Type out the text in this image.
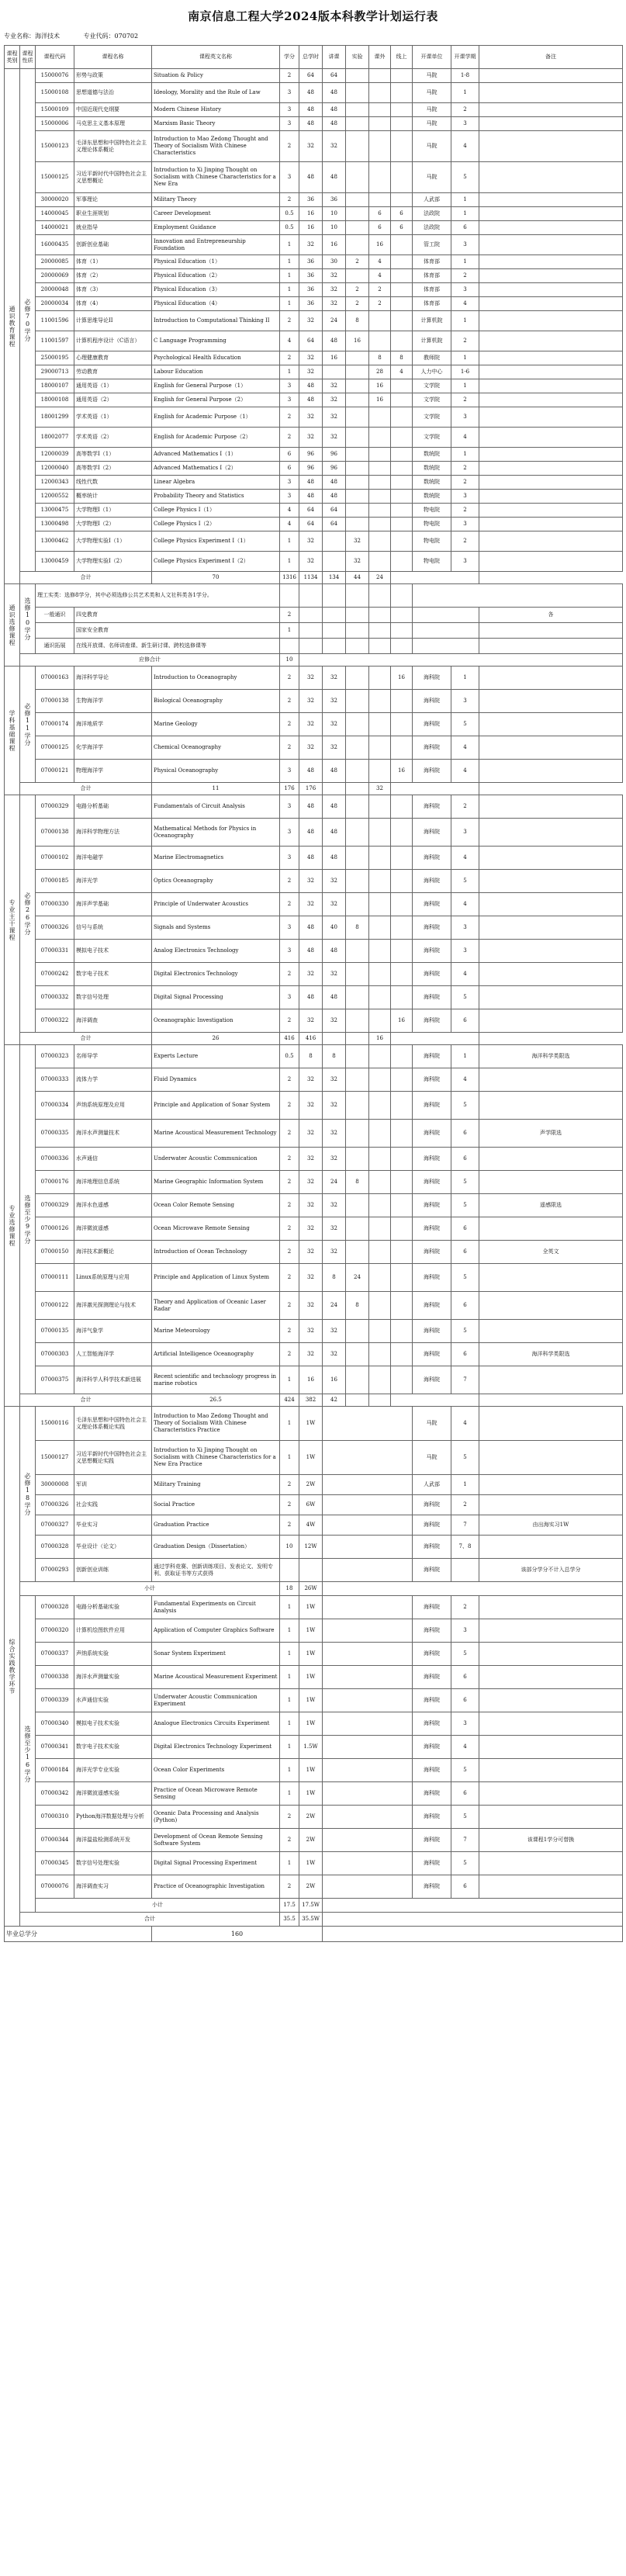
南京信息工程大学2024版本科教学计划运行表
专业名称：海洋技术	专业代码：070702
课程类别	课程性质	课程代码	课程名称	课程英文名称	学分	总学时	讲课	实验	课外	线上	开课单位	开课学期	备注
通识教育课程	必修70学分	15000076	形势与政策	Situation & Policy	2	64	64				马院	1-8	
		15000108	思想道德与法治	Ideology, Morality and the Rule of Law	3	48	48				马院	1	
		15000109	中国近现代史纲要	Modern Chinese History	3	48	48				马院	2	
		15000006	马克思主义基本原理	Marxism Basic Theory	3	48	48				马院	3	
		15000123	毛泽东思想和中国特色社会主义理论体系概论	Introduction to Mao Zedong Thought and Theory of Socialism With Chinese Characteristics	2	32	32				马院	4	
		15000125	习近平新时代中国特色社会主义思想概论	Introduction to Xi Jinping Thought on Socialism with Chinese Characteristics for a New Era	3	48	48				马院	5	
		30000020	军事理论	Military Theory	2	36	36				人武部	1	
		14000045	职业生涯规划	Career Development	0.5	16	10		6	6	法政院	1	
		14000021	就业指导	Employment Guidance	0.5	16	10		6	6	法政院	6	
		16000435	创新创业基础	Innovation and Entrepreneurship Foundation	1	32	16		16		管工院	3	
		20000085	体育（1）	Physical Education（1）	1	36	30	2	4		体育部	1	
		20000069	体育（2）	Physical Education（2）	1	36	32		4		体育部	2	
		20000048	体育（3）	Physical Education（3）	1	36	32	2	2		体育部	3	
		20000034	体育（4）	Physical Education（4）	1	36	32	2	2		体育部	4	
		11001596	计算思维导论II	Introduction to Computational Thinking II	2	32	24	8			计算机院	1	
		11001597	计算机程序设计（C语言）	C Language Programming	4	64	48	16			计算机院	2	
		25000195	心理健康教育	Psychological Health Education	2	32	16		8	8	教师院	1	
		29000713	劳动教育	Labour Education	1	32			28	4	人力中心	1-6	
		18000107	通用英语（1）	English for General Purpose（1）	3	48	32		16		文学院	1	
		18000108	通用英语（2）	English for General Purpose（2）	3	48	32		16		文学院	2	
		18001299	学术英语（1）	English for Academic Purpose（1）	2	32	32				文学院	3	
		18002077	学术英语（2）	English for Academic Purpose（2）	2	32	32				文学院	4	
		12000039	高等数学Ⅰ（1）	Advanced Mathematics Ⅰ（1）	6	96	96				数统院	1	
		12000040	高等数学Ⅰ（2）	Advanced Mathematics Ⅰ（2）	6	96	96				数统院	2	
		12000343	线性代数	Linear Algebra	3	48	48				数统院	2	
		12000552	概率统计	Probability Theory and Statistics	3	48	48				数统院	3	
		13000475	大学物理Ⅰ（1）	College Physics Ⅰ（1）	4	64	64				物电院	2	
		13000498	大学物理Ⅰ（2）	College Physics Ⅰ（2）	4	64	64				物电院	3	
		13000462	大学物理实验Ⅰ（1）	College Physics Experiment Ⅰ（1）	1	32		32			物电院	2	
		13000459	大学物理实验Ⅰ（2）	College Physics Experiment Ⅰ（2）	1	32		32			物电院	3	
	合计			70	1316	1134	134	44	24				
通识选修课程	选修10学分	理工实类：选修8学分，其中必须选修公共艺术类和人文社科类各1学分。											
		一般通识	四史教育		2								各
			国家安全教育		1								
		通识拓展	在线开放课、名师讲座课、新生研讨课、跨校选修课等										
	应修合计				10								
学科基础课程	必修11学分	07000163	海洋科学导论	Introduction to Oceanography	2	32	32			16	海科院	1	
		07000138	生物海洋学	Biological Oceanography	2	32	32				海科院	3	
		07000174	海洋地质学	Marine Geology	2	32	32				海科院	5	
		07000125	化学海洋学	Chemical Oceanography	2	32	32				海科院	4	
		07000121	物理海洋学	Physical Oceanography	3	48	48			16	海科院	4	
	合计			11	176	176			32				
专业主干课程	必修26学分	07000329	电路分析基础	Fundamentals of Circuit Analysis	3	48	48				海科院	2	
		07000138	海洋科学物理方法	Mathematical Methods for Physics in Oceanography	3	48	48				海科院	3	
		07000102	海洋电磁学	Marine Electromagnetics	3	48	48				海科院	4	
		07000185	海洋光学	Optics Oceanography	2	32	32				海科院	5	
		07000330	海洋声学基础	Principle of Underwater Acoustics	2	32	32				海科院	4	
		07000326	信号与系统	Signals and Systems	3	48	40	8			海科院	3	
		07000331	模拟电子技术	Analog Electronics Technology	3	48	48				海科院	3	
		07000242	数字电子技术	Digital Electronics Technology	2	32	32				海科院	4	
		07000332	数字信号处理	Digital Signal Processing	3	48	48				海科院	5	
		07000322	海洋调查	Oceanographic Investigation	2	32	32			16	海科院	6	
	合计			26	416	416			16				
专业选修课程	选修至少9学分	07000323	名师导学	Experts Lecture	0.5	8	8				海科院	1	海洋科学类限选
		07000333	流体力学	Fluid Dynamics	2	32	32				海科院	4	
		07000334	声纳系统原理及应用	Principle and Application of Sonar System	2	32	32				海科院	5	
		07000335	海洋水声测量技术	Marine Acoustical Measurement Technology	2	32	32				海科院	6	声学限选
		07000336	水声通信	Underwater Acoustic Communication	2	32	32				海科院	6	
		07000176	海洋地理信息系统	Marine Geographic Information System	2	32	24	8			海科院	5	
		07000329	海洋水色遥感	Ocean Color Remote Sensing	2	32	32				海科院	5	遥感限选
		07000126	海洋微波遥感	Ocean Microwave Remote Sensing	2	32	32				海科院	6	
		07000150	海洋技术新概论	Introduction of Ocean Technology	2	32	32				海科院	6	全英文
		07000111	Linux系统原理与应用	Principle and Application of Linux System	2	32	8	24			海科院	5	
		07000122	海洋激光探测理论与技术	Theory and Application of Oceanic Laser Radar	2	32	24	8			海科院	6	
		07000135	海洋气象学	Marine Meteorology	2	32	32				海科院	5	
		07000303	人工智能海洋学	Artificial Intelligence Oceanography	2	32	32				海科院	6	海洋科学类限选
		07000375	海洋科学人科学技术新进展	Recent scientific and technology progress in marine robotics	1	16	16				海科院	7	
	合计			26.5	424	382	42						
综合实践教学环节	必修18学分	15000116	毛泽东思想和中国特色社会主义理论体系概论实践	Introduction to Mao Zedong Thought and Theory of Socialism With Chinese Characteristics Practice	1	1W					马院	4	
		15000127	习近平新时代中国特色社会主义思想概论实践	Introduction to Xi Jinping Thought on Socialism with Chinese Characteristics for a New Era Practice	1	1W					马院	5	
		30000008	军训	Military Training	2	2W					人武部	1	
		07000326	社会实践	Social Practice	2	6W					海科院	2	
		07000327	毕业实习	Graduation Practice	2	4W					海科院	7	由出海实习1W
		07000328	毕业设计（论文）	Graduation Design（Dissertation）	10	12W					海科院	7、8	
		07000293	创新创业训练	通过学科竞赛、创新训练项目、发表论文、发明专利、获取证书等方式获得							海科院		该部分学分不计入总学分
	小计				18	26W							
	选修至少16学分	07000328	电路分析基础实验	Fundamental Experiments on Circuit Analysis	1	1W					海科院	2	
		07000320	计算机绘图软件应用	Application of Computer Graphics Software	1	1W					海科院	3	
		07000337	声纳系统实验	Sonar System Experiment	1	1W					海科院	5	
		07000338	海洋水声测量实验	Marine Acoustical Measurement Experiment	1	1W					海科院	6	
		07000339	水声通信实验	Underwater Acoustic Communication Experiment	1	1W					海科院	6	
		07000340	模拟电子技术实验	Analogue Electronics Circuits Experiment	1	1W					海科院	3	
		07000341	数字电子技术实验	Digital Electronics Technology Experiment	1	1.5W					海科院	4	
		07000184	海洋光学专业实验	Ocean Color Experiments	1	1W					海科院	5	
		07000342	海洋微波遥感实验	Practice of Ocean Microwave Remote Sensing	1	1W					海科院	6	
		07000310	Python海洋数据处理与分析	Oceanic Data Processing and Analysis (Python)	2	2W					海科院	5	
		07000344	海洋温盐检测系统开发	Development of Ocean Remote Sensing Software System	2	2W					海科院	7	该课程1学分可替换
		07000345	数字信号处理实验	Digital Signal Processing Experiment	1	1W					海科院	5	
		07000076	海洋调查实习	Practice of Oceanographic Investigation	2	2W					海科院	6	
		小计			17.5	17.5W							
	合计				35.5	35.5W							
毕业总学分				160									
